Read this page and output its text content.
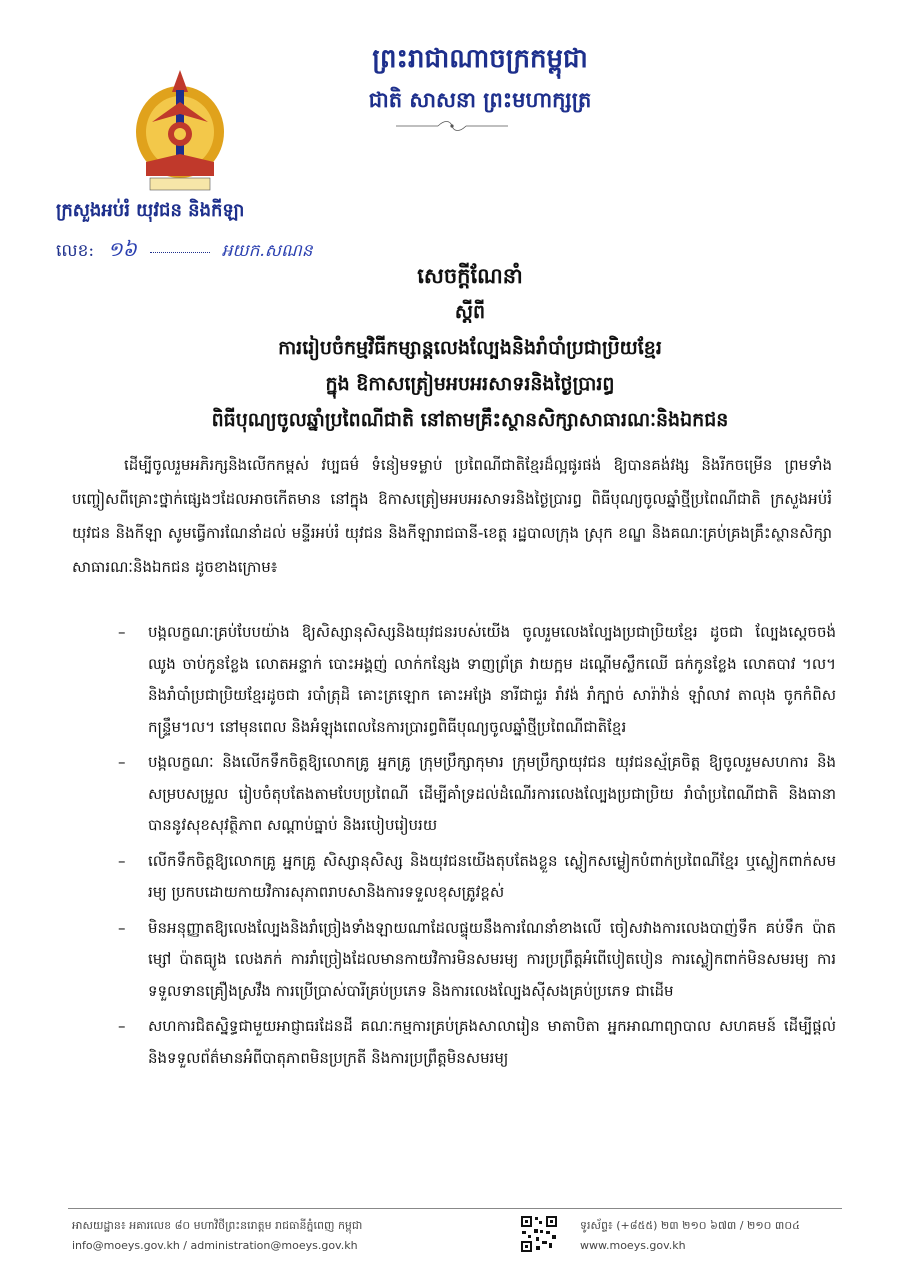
ព្រះរាជាណាចក្រកម្ពុជា
ជាតិ សាសនា ព្រះមហាក្សត្រ
ក្រសួងអប់រំ យុវជន និងកីឡា
លេខ: ១៦	អយក.សណន
សេចក្ដីណែនាំ
ស្ដីពី
ការរៀបចំកម្មវិធីកម្សាន្តលេងល្បែងនិងរាំបាំប្រជាប្រិយខ្មែរ
ក្នុង ឱកាសត្រៀមអបអរសាទរនិងថ្ងៃប្រារព្ធ
ពិធីបុណ្យចូលឆ្នាំប្រពៃណីជាតិ នៅតាមគ្រឹះស្ថានសិក្សាសាធារណៈនិងឯកជន
ដើម្បីចូលរួមអភិរក្សនិងលើកកម្ពស់ វប្បធម៌ ទំនៀមទម្លាប់ ប្រពៃណីជាតិខ្មែរដ៏ល្អផូរផង់ ឱ្យបានគង់វង្ស និងរីកចម្រើន ព្រមទាំងបញ្ចៀសពីគ្រោះថ្នាក់ផ្សេងៗដែលអាចកើតមាន នៅក្នុង ឱកាសត្រៀមអបអរសាទរនិងថ្ងៃប្រារព្ធ ពិធីបុណ្យចូលឆ្នាំថ្មីប្រពៃណីជាតិ ក្រសួងអប់រំ យុវជន និងកីឡា សូមធ្វើការណែនាំដល់ មន្ទីរអប់រំ យុវជន និងកីឡារាជធានី-ខេត្ត រដ្ឋបាលក្រុង ស្រុក ខណ្ឌ និងគណៈគ្រប់គ្រងគ្រឹះស្ថានសិក្សាសាធារណៈនិងឯកជន ដូចខាងក្រោម៖
– បង្កលក្ខណៈគ្រប់បែបយ៉ាង ឱ្យសិស្សានុសិស្សនិងយុវជនរបស់យើង ចូលរួមលេងល្បែងប្រជាប្រិយខ្មែរ ដូចជា ល្បែងស្ដេចចង់ ឈូង ចាប់កូនខ្លែង លោតអន្ទាក់ បោះអង្គញ់ លាក់កន្សែង ទាញព្រ័ត្រ វាយក្អម ដណ្ដើមស្លឹកឈើ ធក់កូនខ្លែង លោតបាវ ។ល។ និងរាំបាំប្រជាប្រិយខ្មែរដូចជា របាំត្រុដិ គោះត្រឡោក គោះអង្រែ នារីជាជួរ រាំវង់ រាំក្បាច់ សារ៉ាវ៉ាន់ ឡាំលាវ តាលុង ចូកកំពិស កន្ទ្រឹម។ល។ នៅមុនពេល និងអំឡុងពេលនៃការប្រារព្ធពិធីបុណ្យចូលឆ្នាំថ្មីប្រពៃណីជាតិខ្មែរ
– បង្កលក្ខណៈ និងលើកទឹកចិត្តឱ្យលោកគ្រូ អ្នកគ្រូ ក្រុមប្រឹក្សាកុមារ ក្រុមប្រឹក្សាយុវជន យុវជនស្ម័គ្រចិត្ត ឱ្យចូលរួមសហការ និងសម្របសម្រួល រៀបចំតុបតែងតាមបែបប្រពៃណី ដើម្បីគាំទ្រដល់ដំណើរការលេងល្បែងប្រជាប្រិយ រាំបាំប្រពៃណីជាតិ និងធានាបាននូវសុខសុវត្ថិភាព សណ្ដាប់ធ្នាប់ និងរបៀបរៀបរយ
– លើកទឹកចិត្តឱ្យលោកគ្រូ អ្នកគ្រូ សិស្សានុសិស្ស និងយុវជនយើងតុបតែងខ្លួន ស្លៀកសម្លៀកបំពាក់ប្រពៃណីខ្មែរ ឬស្លៀកពាក់សមរម្យ ប្រកបដោយកាយវិការសុភាពរាបសានិងការទទួលខុសត្រូវខ្ពស់
– មិនអនុញ្ញាតឱ្យលេងល្បែងនិងរាំច្រៀងទាំងឡាយណាដែលផ្ទុយនឹងការណែនាំខាងលើ ចៀសវាងការលេងបាញ់ទឹក គប់ទឹក ប៉ាតម្សៅ ប៉ាតធ្យូង លេងភក់ ការរាំច្រៀងដែលមានកាយវិការមិនសមរម្យ ការប្រព្រឹត្តអំពើបៀតបៀន ការស្លៀកពាក់មិនសមរម្យ ការទទួលទានគ្រឿងស្រវឹង ការប្រើប្រាស់បារីគ្រប់ប្រភេទ និងការលេងល្បែងស៊ីសងគ្រប់ប្រភេទ ជាដើម
– សហការជិតស្និទ្ធជាមួយអាជ្ញាធរដែនដី គណៈកម្មការគ្រប់គ្រងសាលារៀន មាតាបិតា អ្នកអាណាព្យាបាល សហគមន៍ ដើម្បីផ្ដល់និងទទួលព័ត៌មានអំពីបាតុភាពមិនប្រក្រតី និងការប្រព្រឹត្តមិនសមរម្យ
អាសយដ្ឋាន៖ អគារលេខ ៨០ មហាវិថីព្រះនរោត្តម រាជធានីភ្នំពេញ កម្ពុជា
info@moeys.gov.kh / administration@moeys.gov.kh
ទូរស័ព្ទ៖ (+៨៥៥) ២៣ ២១០ ៦៧៣ / ២១០ ៣០៤
www.moeys.gov.kh
